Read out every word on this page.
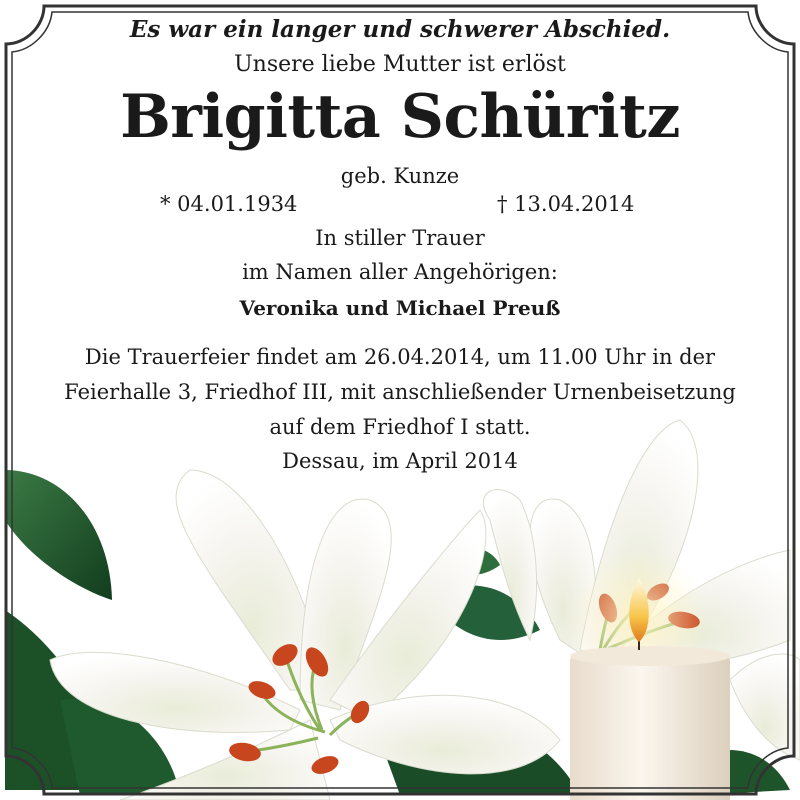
Es war ein langer und schwerer Abschied.
Unsere liebe Mutter ist erlöst
Brigitta Schüritz
geb. Kunze
* 04.01.1934	† 13.04.2014
In stiller Trauer
im Namen aller Angehörigen:
Veronika und Michael Preuß
Die Trauerfeier findet am 26.04.2014, um 11.00 Uhr in der
Feierhalle 3, Friedhof III, mit anschließender Urnenbeisetzung
auf dem Friedhof I statt.
Dessau, im April 2014
